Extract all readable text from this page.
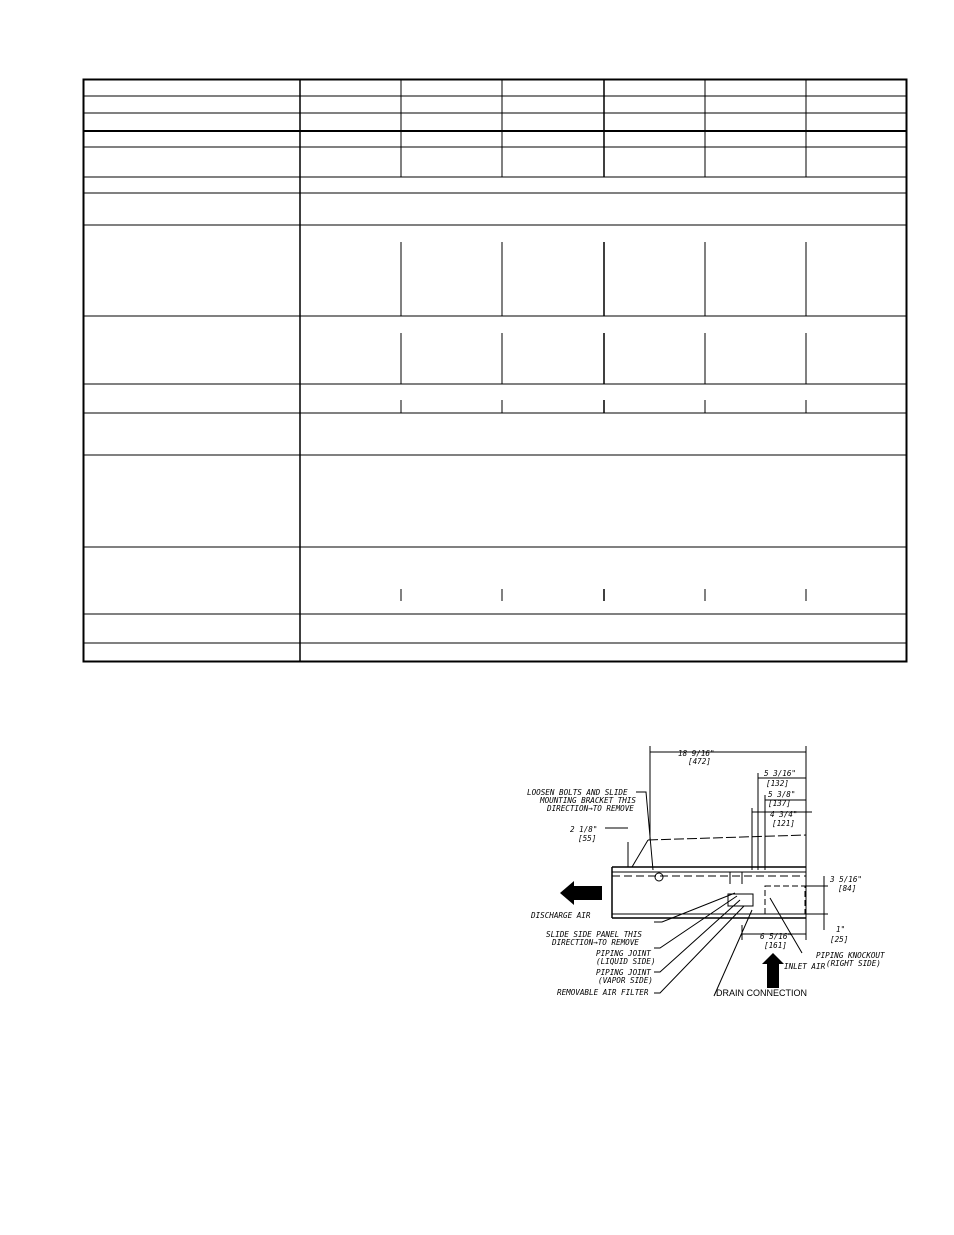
18 9/16"
[472]
5 3/16"
[132]
5 3/8"
[137]
4 3/4"
[121]
2 1/8"
[55]
3 5/16"
[84]
1"
[25]
6 5/16"
[161]
LOOSEN BOLTS AND SLIDE
MOUNTING BRACKET THIS
DIRECTION→TO REMOVE
DISCHARGE AIR
SLIDE SIDE PANEL THIS
DIRECTION→TO REMOVE
PIPING JOINT
(LIQUID SIDE)
PIPING JOINT
(VAPOR SIDE)
REMOVABLE AIR FILTER	DRAIN CONNECTION
PIPING KNOCKOUT
(RIGHT SIDE)
INLET AIR
